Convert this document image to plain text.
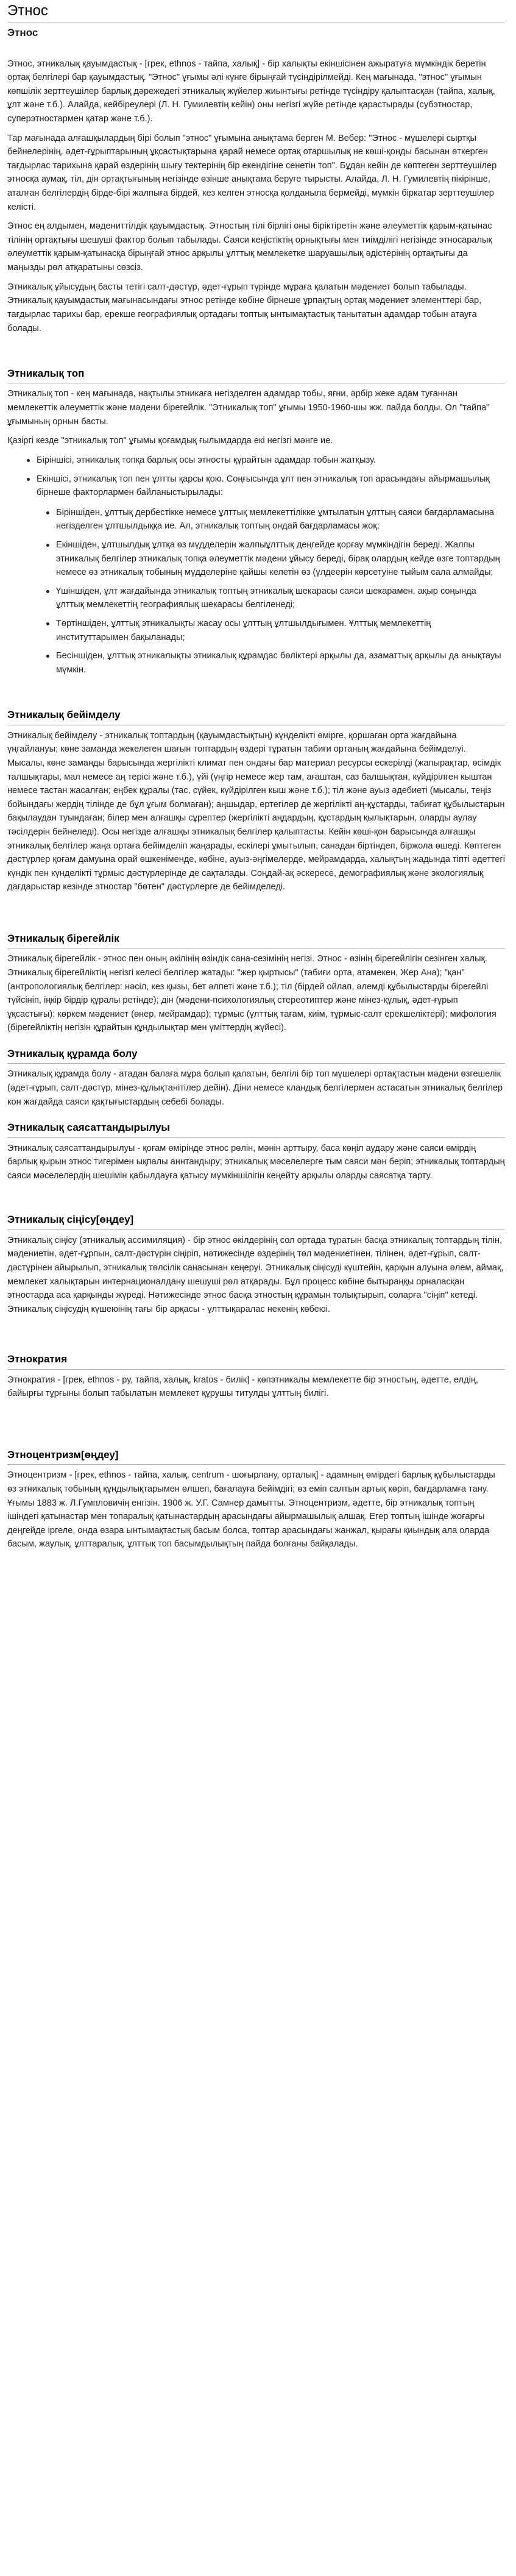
Этнос
Этнос

Этнос, этникалық қауымдастық - [грек, ethnos - тайпа, халық] - бір халықты екіншісінен ажыратуға мүмкіндік беретін ортақ белгілері бар қауымдастық. "Этнос" ұғымы әлі күнге бірыңғай түсіндірілмейді. Кең мағынада, "этнос" ұғымын көпшілік зерттеушілер барлық дәрежедегі этникалық жүйелер жиынтығы ретінде түсіндіру қалыптасқан (тайпа, халық, ұлт және т.б.). Алайда, кейбіреулері (Л. Н. Гумилевтің кейін) оны негізгі жүйе ретінде қарастырады (субэтностар, суперэтностармен қатар және т.б.).

Тар мағынада алғашқылардың бірі болып "этнос" ұғымына анықтама берген М. Вебер: "Этнос - мүшелері сыртқы бейнелерінің, әдет-ғұрыптарының ұқсастықтарына қарай немесе ортақ отаршылық не көші-қонды басынан өткерген тағдырлас тарихына қарай өздерінің шығу тектерінің бір екендігіне сенетін топ". Бұдан кейін де көптеген зерттеушілер этносқа аумақ, тіл, дін ортақтығының негізінде өзінше анықтама беруге тырысты. Алайда, Л. Н. Гумилевтің пікірінше, аталған белгілердің бірде-бірі жалпыға бірдей, кез келген этносқа қолданыла бермейді, мүмкін біркатар зерттеушілер келісті.

Этнос ең алдымен, мәдениттілдік қауымдастық. Этностың тілі бірлігі оны біріктіретін және әлеуметтік қарым-қатынас тілінің ортақтығы шешуші фактор болып табылады. Саяси кеңістіктің орнықтығы мен тиімділігі негізінде этносаралық әлеуметтік қарым-қатынасқа бірыңғай этнос арқылы ұлттық мемлекетке шаруашылық әдістерінің ортақтығы да маңызды рөл атқаратыны сөзсіз.

Этникалық ұйысудың басты тетігі салт-дәстүр, әдет-ғұрып түрінде мұраға қалатын мәдениет болып табылады. Этникалық қауымдастық мағынасындағы этнос ретінде көбіне бірнеше ұрпақтың ортақ мәдениет элементтері бар, тағдырлас тарихы бар, ерекше географиялық ортадағы топтық ынтымақтастық танытатын адамдар тобын атауға болады.

Этникалық топ

Этникалық топ - кең мағынада, нақтылы этникаға негізделген адамдар тобы, яғни, әрбір жеке адам туғаннан мемлекеттік әлеуметтік және мәдени бірегейлік. "Этникалық топ" ұғымы 1950-1960-шы жж. пайда болды. Ол "тайпа" ұғымының орнын басты.

Қазіргі кезде "этникалық топ" ұғымы қоғамдық ғылымдарда екі негізгі мәнге ие.

Біріншісі, этникалық топқа барлық осы этносты құрайтын адамдар тобын жатқызу.
Екіншісі, этникалық топ пен ұлтты қарсы қою. Соңғысында ұлт пен этникалық топ арасындағы айырмашылық бірнеше факторлармен байланыстырылады:
Біріншіден, ұлттық дербестікке немесе ұлттық мемлекеттілікке ұмтылатын ұлттың саяси бағдарламасына негізделген ұлтшылдыққа ие. Ал, этникалық топтың ондай бағдарламасы жоқ;
Екіншіден, ұлтшылдық ұлтқа өз мүдделерін жалпыұлттық деңгейде қорғау мүмкіндігін береді. Жалпы этникалық белгілер этникалық топқа әлеуметтік мәдени ұйысу береді, бірақ олардың кейде өзге топтардың немесе өз этникалық тобының мүдделеріне қайшы келетін өз (үлдеерін көрсетуіне тыйым сала алмайды;
Үшіншіден, ұлт жағдайында этникалық топтың этникалық шекарасы саяси шекарамен, ақыр соңында ұлттық мемлекеттің географиялық шекарасы белгіленеді;
Төртіншіден, ұлттық этникалықты жасау осы ұлттың ұлтшылдығымен. Ұлттық мемлекеттің институттарымен бақыланады;
Бесіншіден, ұлттық этникалықты этникалық құрамдас бөліктері арқылы да, азаматтық арқылы да анықтауы мүмкін.
Этникалық бейімделу

Этникалық бейімделу - этникалық топтардың (қауымдастықтың) күнделікті өмірге, қоршаған орта жағдайына үңгайлануы; көне заманда жекелеген шағын топтардың өздері тұратын табиғи ортаның жағдайына бейімделуі. Мысалы, көне заманды барысында жергілікті климат пен ондағы бар материал ресурсы ескерілді (жапырақтар, өсімдік талшықтары, мал немесе аң терісі және т.б.), үйі (үңгір немесе жер там, ағаштан, саз балшықтан, күйдірілген кыштан немесе тастан жасалған; еңбек құралы (тас, сүйек, күйдірілген кыш және т.б.); тіл және ауыз әдебиеті (мысалы, теңіз бойындағы жердің тілінде де бұл ұғым болмаған); аңшыдар, ертегілер де жергілікті аң-құстарды, табиғат құбылыстарын бақылаудан туындаған; білер мен алғашқы сұрептер (жергілікті аңдардың, құстардың қылықтарын, оларды аулау тәсілдерін бейнеледі). Осы негізде алғашқы этникалық белгілер қалыптасты. Кейін көші-қон барысында алғашқы этникалық белгілер жаңа ортаға бейімделіп жаңарады, ескілері ұмытылып, санадан біртіндеп, біржола өшеді. Көптеген дәстүрлер қоғам дамуына орай өшкеніменде, көбіне, ауыз-әңгімелерде, мейрамдарда, халықтың жадында тіпті әдеттегі күндік пен күнделікті тұрмыс дәстүрлерінде де сақталады. Соңдай-ақ әскересе, демографиялық және экологиялық дағдарыстар кезінде этностар "бөтен" дәстүрлерге де бейімделеді.

Этникалық бірегейлік

Этникалық бірегейлік - этнос пен оның әкілінің өзіндік сана-сезімінің негізі. Этнос - өзінің бірегейлігін сезінген халық. Этникалық бірегейліктің негізгі келесі белгілер жатады: "жер қыртысы" (табиғи орта, атамекен, Жер Ана); "қан" (антропологиялық белгілер: нәсіл, кез қызы, бет әлпеті және т.б.); тіл (бірдей ойлап, әлемді құбылыстарды бірегейлі түйсініп, іңкір бірдір құралы ретінде); дін (мәдени-психологиялық стереотиптер және мінез-құлық, әдет-ғұрып ұқсастығы); көркем мәдениет (өнер, мейрамдар); тұрмыс (ұлттық тағам, киім, тұрмыс-салт ерекшеліктері); мифология (бірегейліктің негізін құрайтын құндылықтар мен үміттердің жүйесі).

Этникалық құрамда болу

Этникалық құрамда болу - атадан балаға мұра болып қалатын, белгілі бір топ мүшелері ортақтастын мәдени өзгешелік (әдет-ғұрып, салт-дәстүр, мінез-құлықтанітілер дейін). Діни немесе кландық белгілермен астасатын этникалық белгілер кон жағдайда саяси қақтығыстардың себебі болады.

Этникалық саясаттандырылуы

Этникалық саясаттандырылуы - қоғам өмірінде этнос рөлін, мәнін арттыру, баса көңіл аудару және саяси өмірдің барлық қырын этнос тигерімен ықпалы аннтандыру; этникалық мәселелерге тым саяси мән беріп; этникалық топтардың саяси мәселелердің шешімін қабылдауға қатысу мүмкіншілігін кеңейту арқылы оларды саясатқа тарту.

Этникалық сіңісу[өңдеу]

Этникалық сіңісу (этникалық ассимиляция) - бір этнос өкілдерінің сол ортада тұратын басқа этникалық топтардың тілін, мәдениетін, әдет-ғұрпын, салт-дәстүрін сіңіріп, нәтижесінде өздерінің төл мәдениетінен, тілінен, әдет-ғұрып, салт-дәстүрінен айырылып, этникалық төлсілік санасынан кеңеруі. Этникалық сіңісуді күштейін, қарқын алуына әлем, аймақ, мемлекет халықтарын интернационалдану шешуші рөл атқарады. Бұл процесс көбіне бытыраңқы орналасқан этностарда аса қарқынды жүреді. Нәтижесінде этнос басқа этностың құрамын толықтырып, соларға "сіңіп" кетеді. Этникалық сіңісудің күшеюінің тағы бір арқасы - ұлттықаралас некенің көбеюі.

Этнократия

Этнократия - [грек, ethnos - ру, тайпа, халық, kratos - билік] - көпэтникалы мемлекетте бір этностың, әдетте, елдің, байырғы тұрғыны болып табылатын мемлекет құрушы титулды ұлттың билігі.

Этноцентризм[өңдеу]

Этноцентризм - [грек, ethnos - тайпа, халық, centrum - шоғырлану, орталық] - адамның өмірдегі барлық құбылыстарды өз этникалық тобының құндылықтарымен өлшеп, бағалауға бейімдігі; өз еміп салтын артық көріп, бағдарламға тану. Ұғымы 1883 ж. Л.Гумпловичің енгізін. 1906 ж. У.Г. Самнер дамытты. Этноцентризм, әдетте, бір этникалық топтың ішіндегі қатынастар мен топаралық қатынастардың арасындағы айырмашылық алшақ. Егер топтың ішінде жоғарғы деңгейде іргеле, онда өзара ынтымақтастық басым болса, топтар арасындағы жанжал, қырағы қиындық ала оларда басым, жаулық, ұлттаралық, ұлттық топ басымдылықтың пайда болғаны байқалады.
